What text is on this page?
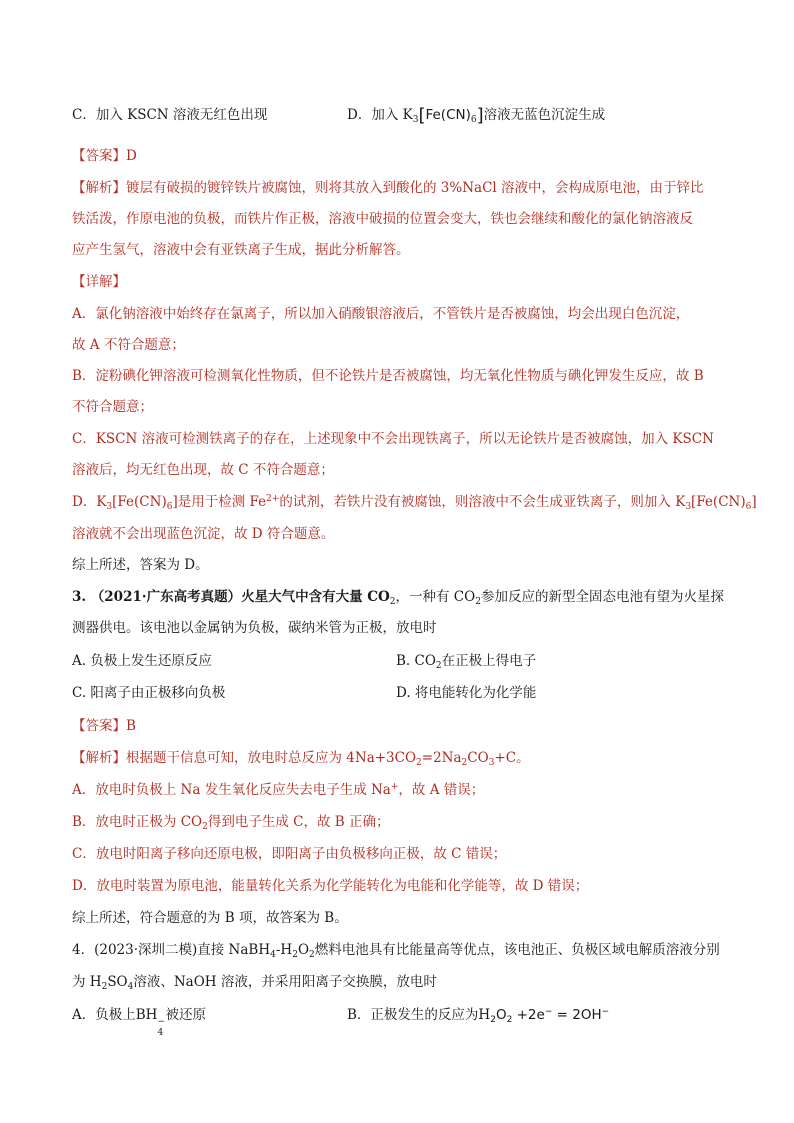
C．加入 KSCN 溶液无红色出现	D．加入 $K_3[Fe(CN)_6]$溶液无蓝色沉淀生成
【答案】D
【解析】镀层有破损的镀锌铁片被腐蚀，则将其放入到酸化的 3%NaCl 溶液中，会构成原电池，由于锌比
铁活泼，作原电池的负极，而铁片作正极，溶液中破损的位置会变大，铁也会继续和酸化的氯化钠溶液反
应产生氢气，溶液中会有亚铁离子生成，据此分析解答。
【详解】
A．氯化钠溶液中始终存在氯离子，所以加入硝酸银溶液后，不管铁片是否被腐蚀，均会出现白色沉淀，
故 A 不符合题意；
B．淀粉碘化钾溶液可检测氧化性物质，但不论铁片是否被腐蚀，均无氧化性物质与碘化钾发生反应，故 B
不符合题意；
C．KSCN 溶液可检测铁离子的存在，上述现象中不会出现铁离子，所以无论铁片是否被腐蚀，加入 KSCN
溶液后，均无红色出现，故 C 不符合题意；
D．$K_3[Fe(CN)_6]$是用于检测 $Fe^{2+}$的试剂，若铁片没有被腐蚀，则溶液中不会生成亚铁离子，则加入 $K_3[Fe(CN)_6]$
溶液就不会出现蓝色沉淀，故 D 符合题意。
综上所述，答案为 D。
3. （2021·广东高考真题）火星大气中含有大量 $CO_2$，一种有 $CO_2$参加反应的新型全固态电池有望为火星探
测器供电。该电池以金属钠为负极，碳纳米管为正极，放电时
A. 负极上发生还原反应	B. $CO_2$在正极上得电子
C. 阳离子由正极移向负极	D. 将电能转化为化学能
【答案】B
【解析】根据题干信息可知，放电时总反应为 $4Na+3CO_2=2Na_2CO_3+C$。
A．放电时负极上 Na 发生氧化反应失去电子生成 Na+，故 A 错误；
B．放电时正极为 $CO_2$得到电子生成 C，故 B 正确；
C．放电时阳离子移向还原电极，即阳离子由负极移向正极，故 C 错误；
D．放电时装置为原电池，能量转化关系为化学能转化为电能和化学能等，故 D 错误；
综上所述，符合题意的为 B 项，故答案为 B。
4．(2023·深圳二模)直接 $NaBH_4-H_2O_2$燃料电池具有比能量高等优点，该电池正、负极区域电解质溶液分别
为 $H_2SO_4$溶液、NaOH 溶液，并采用阳离子交换膜，放电时
A．负极上BH −
4
被还原	B．正极发生的反应为$H_2O_2 +2e^- = 2OH^-$
